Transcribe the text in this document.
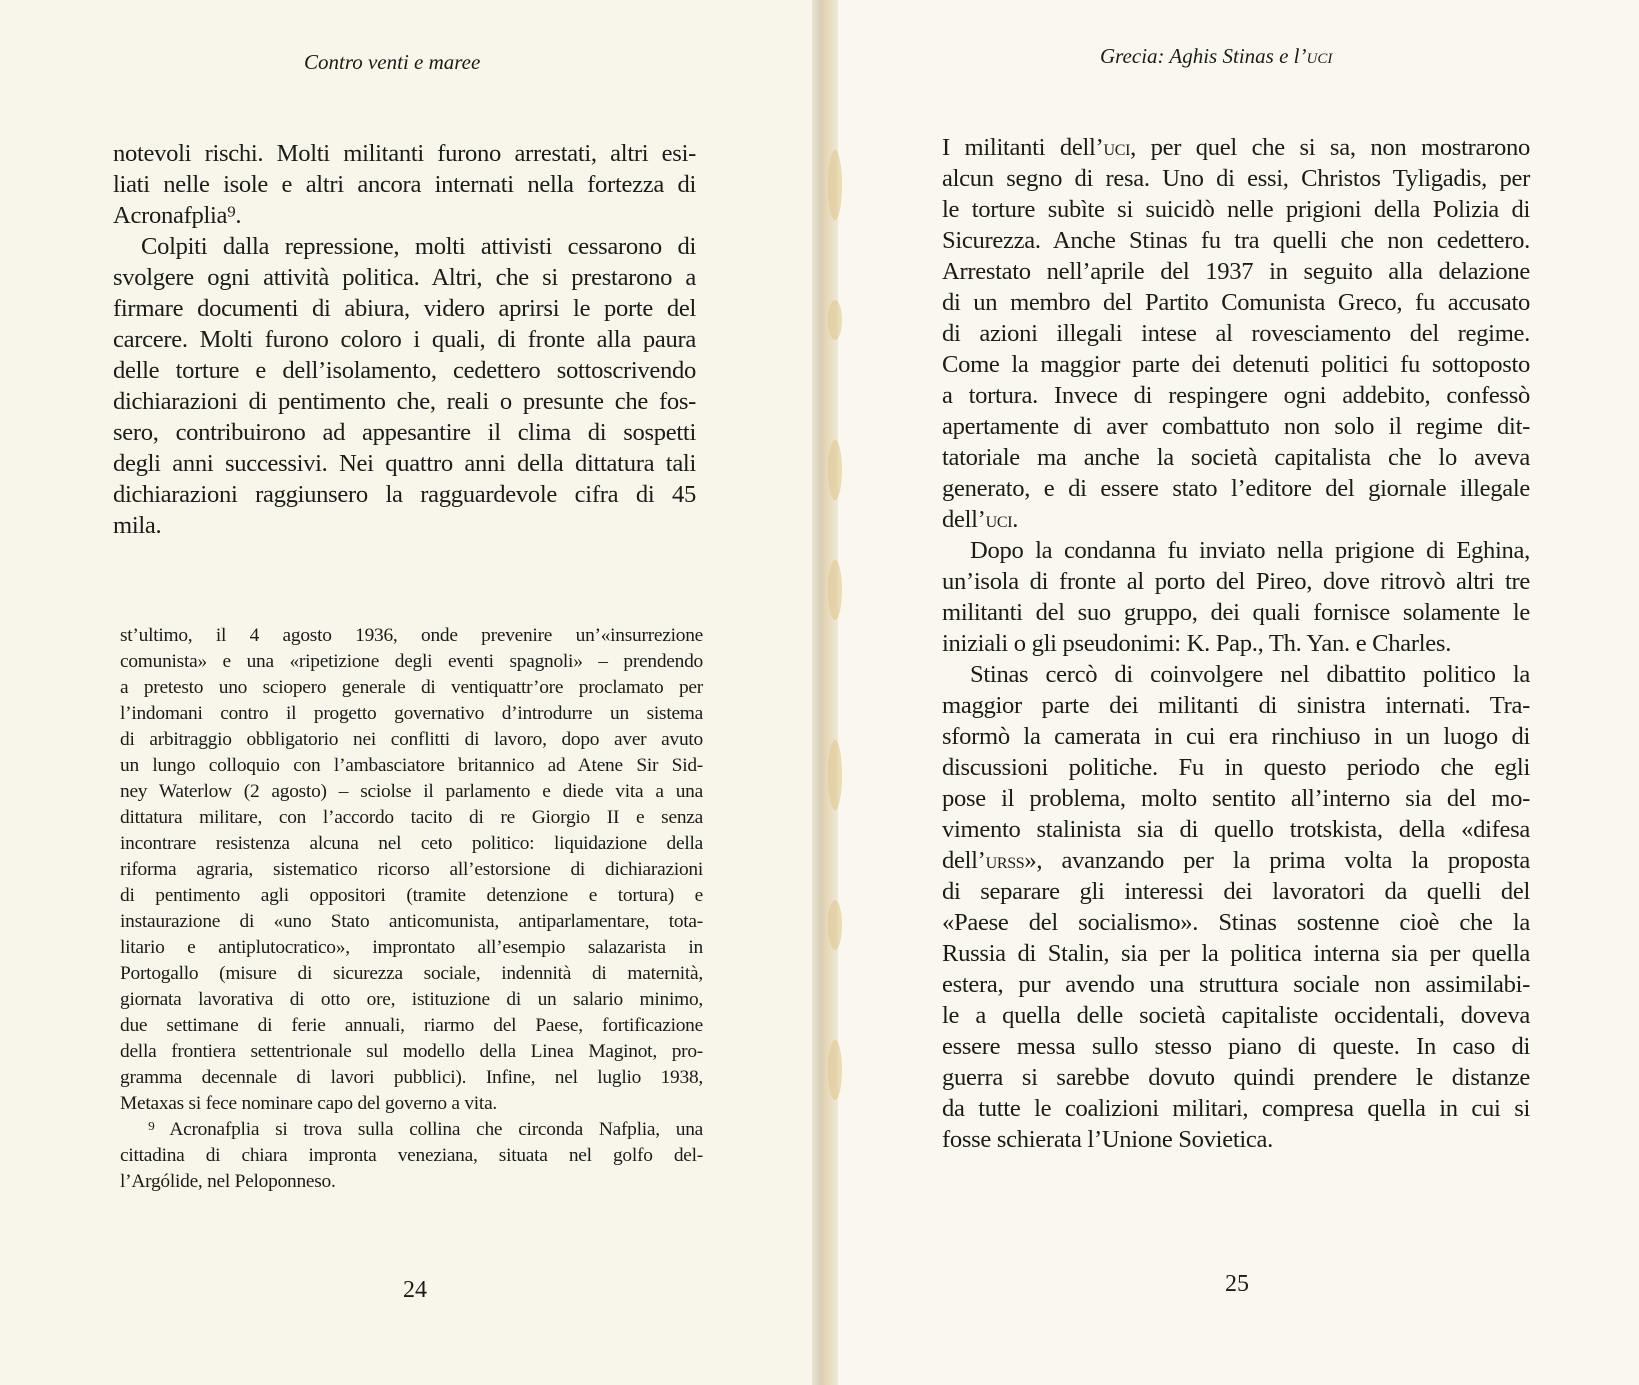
Contro venti e maree

notevoli rischi. Molti militanti furono arrestati, altri esi-

liati nelle isole e altri ancora internati nella fortezza di

Acronafplia⁹.

Colpiti dalla repressione, molti attivisti cessarono di

svolgere ogni attività politica. Altri, che si prestarono a

firmare documenti di abiura, videro aprirsi le porte del

carcere. Molti furono coloro i quali, di fronte alla paura

delle torture e dell’isolamento, cedettero sottoscrivendo

dichiarazioni di pentimento che, reali o presunte che fos-

sero, contribuirono ad appesantire il clima di sospetti

degli anni successivi. Nei quattro anni della dittatura tali

dichiarazioni raggiunsero la ragguardevole cifra di 45

mila.

st’ultimo, il 4 agosto 1936, onde prevenire un’«insurrezione

comunista» e una «ripetizione degli eventi spagnoli» – prendendo

a pretesto uno sciopero generale di ventiquattr’ore proclamato per

l’indomani contro il progetto governativo d’introdurre un sistema

di arbitraggio obbligatorio nei conflitti di lavoro, dopo aver avuto

un lungo colloquio con l’ambasciatore britannico ad Atene Sir Sid-

ney Waterlow (2 agosto) – sciolse il parlamento e diede vita a una

dittatura militare, con l’accordo tacito di re Giorgio II e senza

incontrare resistenza alcuna nel ceto politico: liquidazione della

riforma agraria, sistematico ricorso all’estorsione di dichiarazioni

di pentimento agli oppositori (tramite detenzione e tortura) e

instaurazione di «uno Stato anticomunista, antiparlamentare, tota-

litario e antiplutocratico», improntato all’esempio salazarista in

Portogallo (misure di sicurezza sociale, indennità di maternità,

giornata lavorativa di otto ore, istituzione di un salario minimo,

due settimane di ferie annuali, riarmo del Paese, fortificazione

della frontiera settentrionale sul modello della Linea Maginot, pro-

gramma decennale di lavori pubblici). Infine, nel luglio 1938,

Metaxas si fece nominare capo del governo a vita.

⁹ Acronafplia si trova sulla collina che circonda Nafplia, una

cittadina di chiara impronta veneziana, situata nel golfo del-

l’Argólide, nel Peloponneso.

24

Grecia: Aghis Stinas e l’uci

I militanti dell’uci, per quel che si sa, non mostrarono

alcun segno di resa. Uno di essi, Christos Tyligadis, per

le torture subìte si suicidò nelle prigioni della Polizia di

Sicurezza. Anche Stinas fu tra quelli che non cedettero.

Arrestato nell’aprile del 1937 in seguito alla delazione

di un membro del Partito Comunista Greco, fu accusato

di azioni illegali intese al rovesciamento del regime.

Come la maggior parte dei detenuti politici fu sottoposto

a tortura. Invece di respingere ogni addebito, confessò

apertamente di aver combattuto non solo il regime dit-

tatoriale ma anche la società capitalista che lo aveva

generato, e di essere stato l’editore del giornale illegale

dell’uci.

Dopo la condanna fu inviato nella prigione di Eghina,

un’isola di fronte al porto del Pireo, dove ritrovò altri tre

militanti del suo gruppo, dei quali fornisce solamente le

iniziali o gli pseudonimi: K. Pap., Th. Yan. e Charles.

Stinas cercò di coinvolgere nel dibattito politico la

maggior parte dei militanti di sinistra internati. Tra-

sformò la camerata in cui era rinchiuso in un luogo di

discussioni politiche. Fu in questo periodo che egli

pose il problema, molto sentito all’interno sia del mo-

vimento stalinista sia di quello trotskista, della «difesa

dell’urss», avanzando per la prima volta la proposta

di separare gli interessi dei lavoratori da quelli del

«Paese del socialismo». Stinas sostenne cioè che la

Russia di Stalin, sia per la politica interna sia per quella

estera, pur avendo una struttura sociale non assimilabi-

le a quella delle società capitaliste occidentali, doveva

essere messa sullo stesso piano di queste. In caso di

guerra si sarebbe dovuto quindi prendere le distanze

da tutte le coalizioni militari, compresa quella in cui si

fosse schierata l’Unione Sovietica.

25
